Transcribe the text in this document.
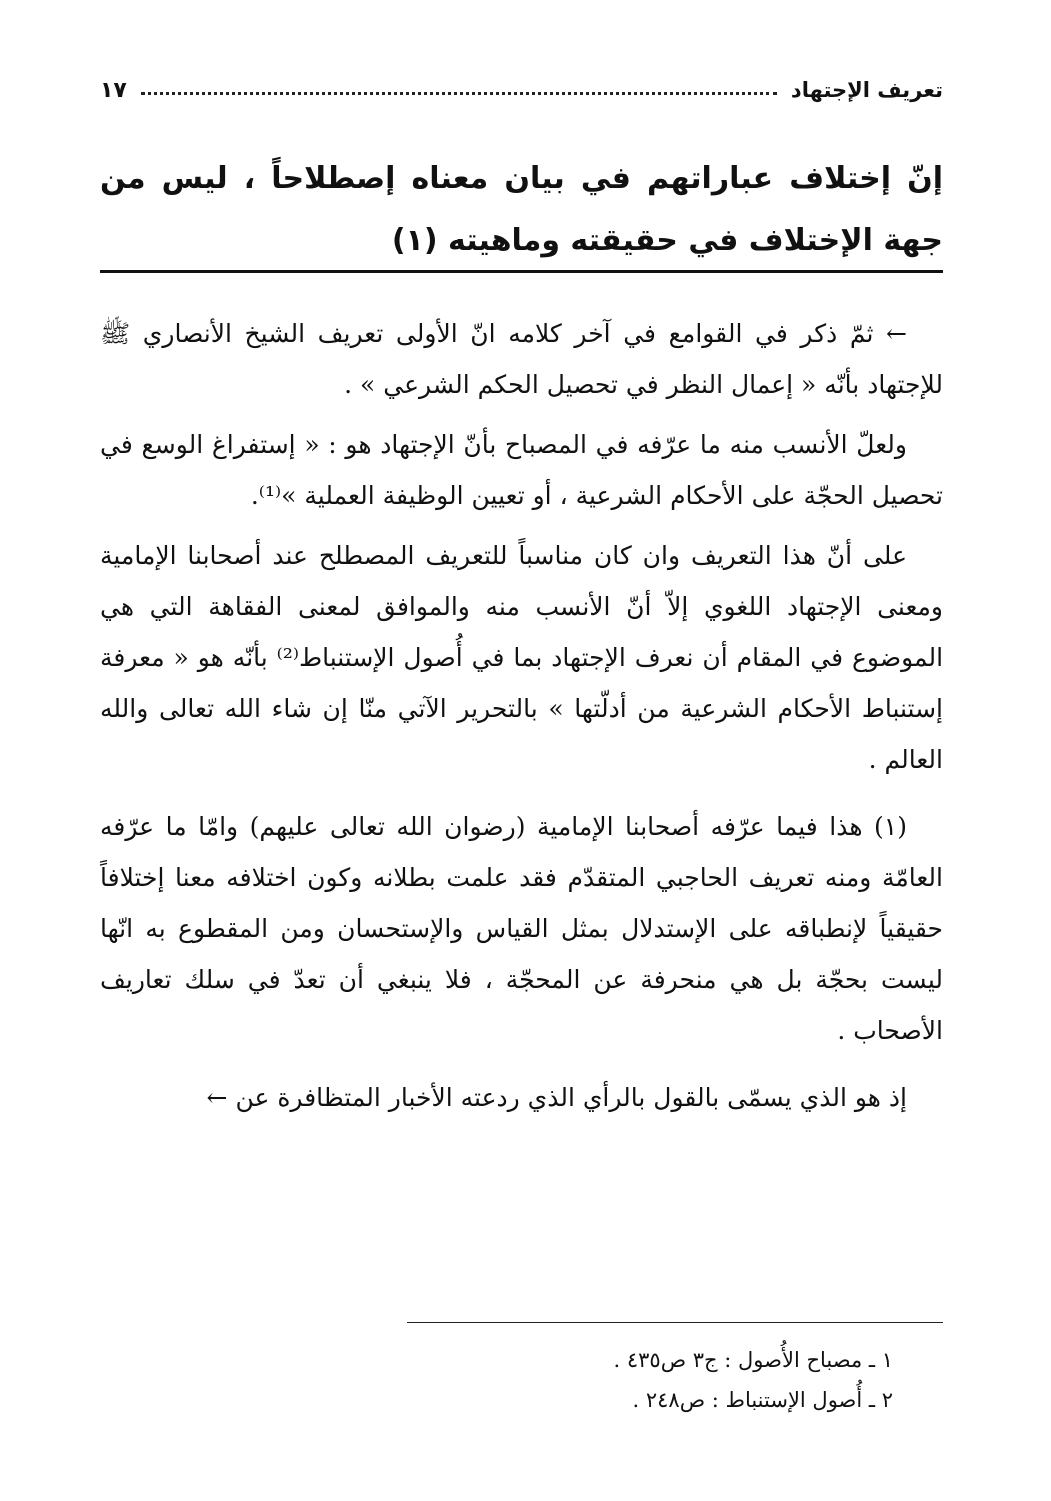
تعريف الإجتهاد
١٧
إنّ إختلاف عباراتهم في بيان معناه إصطلاحاً ، ليس من جهة الإختلاف في حقيقته وماهيته (١)

← ثمّ ذكر في القوامع في آخر كلامه انّ الأولى تعريف الشيخ الأنصاري ﷺ للإجتهاد بأنّه « إعمال النظر في تحصيل الحكم الشرعي » .

ولعلّ الأنسب منه ما عرّفه في المصباح بأنّ الإجتهاد هو : « إستفراغ الوسع في تحصيل الحجّة على الأحكام الشرعية ، أو تعيين الوظيفة العملية »⁽¹⁾.

على أنّ هذا التعريف وان كان مناسباً للتعريف المصطلح عند أصحابنا الإمامية ومعنى الإجتهاد اللغوي إلاّ أنّ الأنسب منه والموافق لمعنى الفقاهة التي هي الموضوع في المقام أن نعرف الإجتهاد بما في أُصول الإستنباط⁽²⁾ بأنّه هو « معرفة إستنباط الأحكام الشرعية من أدلّتها » بالتحرير الآتي منّا إن شاء الله تعالى والله العالم .

(١) هذا فيما عرّفه أصحابنا الإمامية (رضوان الله تعالى عليهم) وامّا ما عرّفه العامّة ومنه تعريف الحاجبي المتقدّم فقد علمت بطلانه وكون اختلافه معنا إختلافاً حقيقياً لإنطباقه على الإستدلال بمثل القياس والإستحسان ومن المقطوع به انّها ليست بحجّة بل هي منحرفة عن المحجّة ، فلا ينبغي أن تعدّ في سلك تعاريف الأصحاب .

إذ هو الذي يسمّى بالقول بالرأي الذي ردعته الأخبار المتظافرة عن ←

١ ـ مصباح الأُصول : ج٣ ص٤٣٥ .
٢ ـ أُصول الإستنباط : ص٢٤٨ .
